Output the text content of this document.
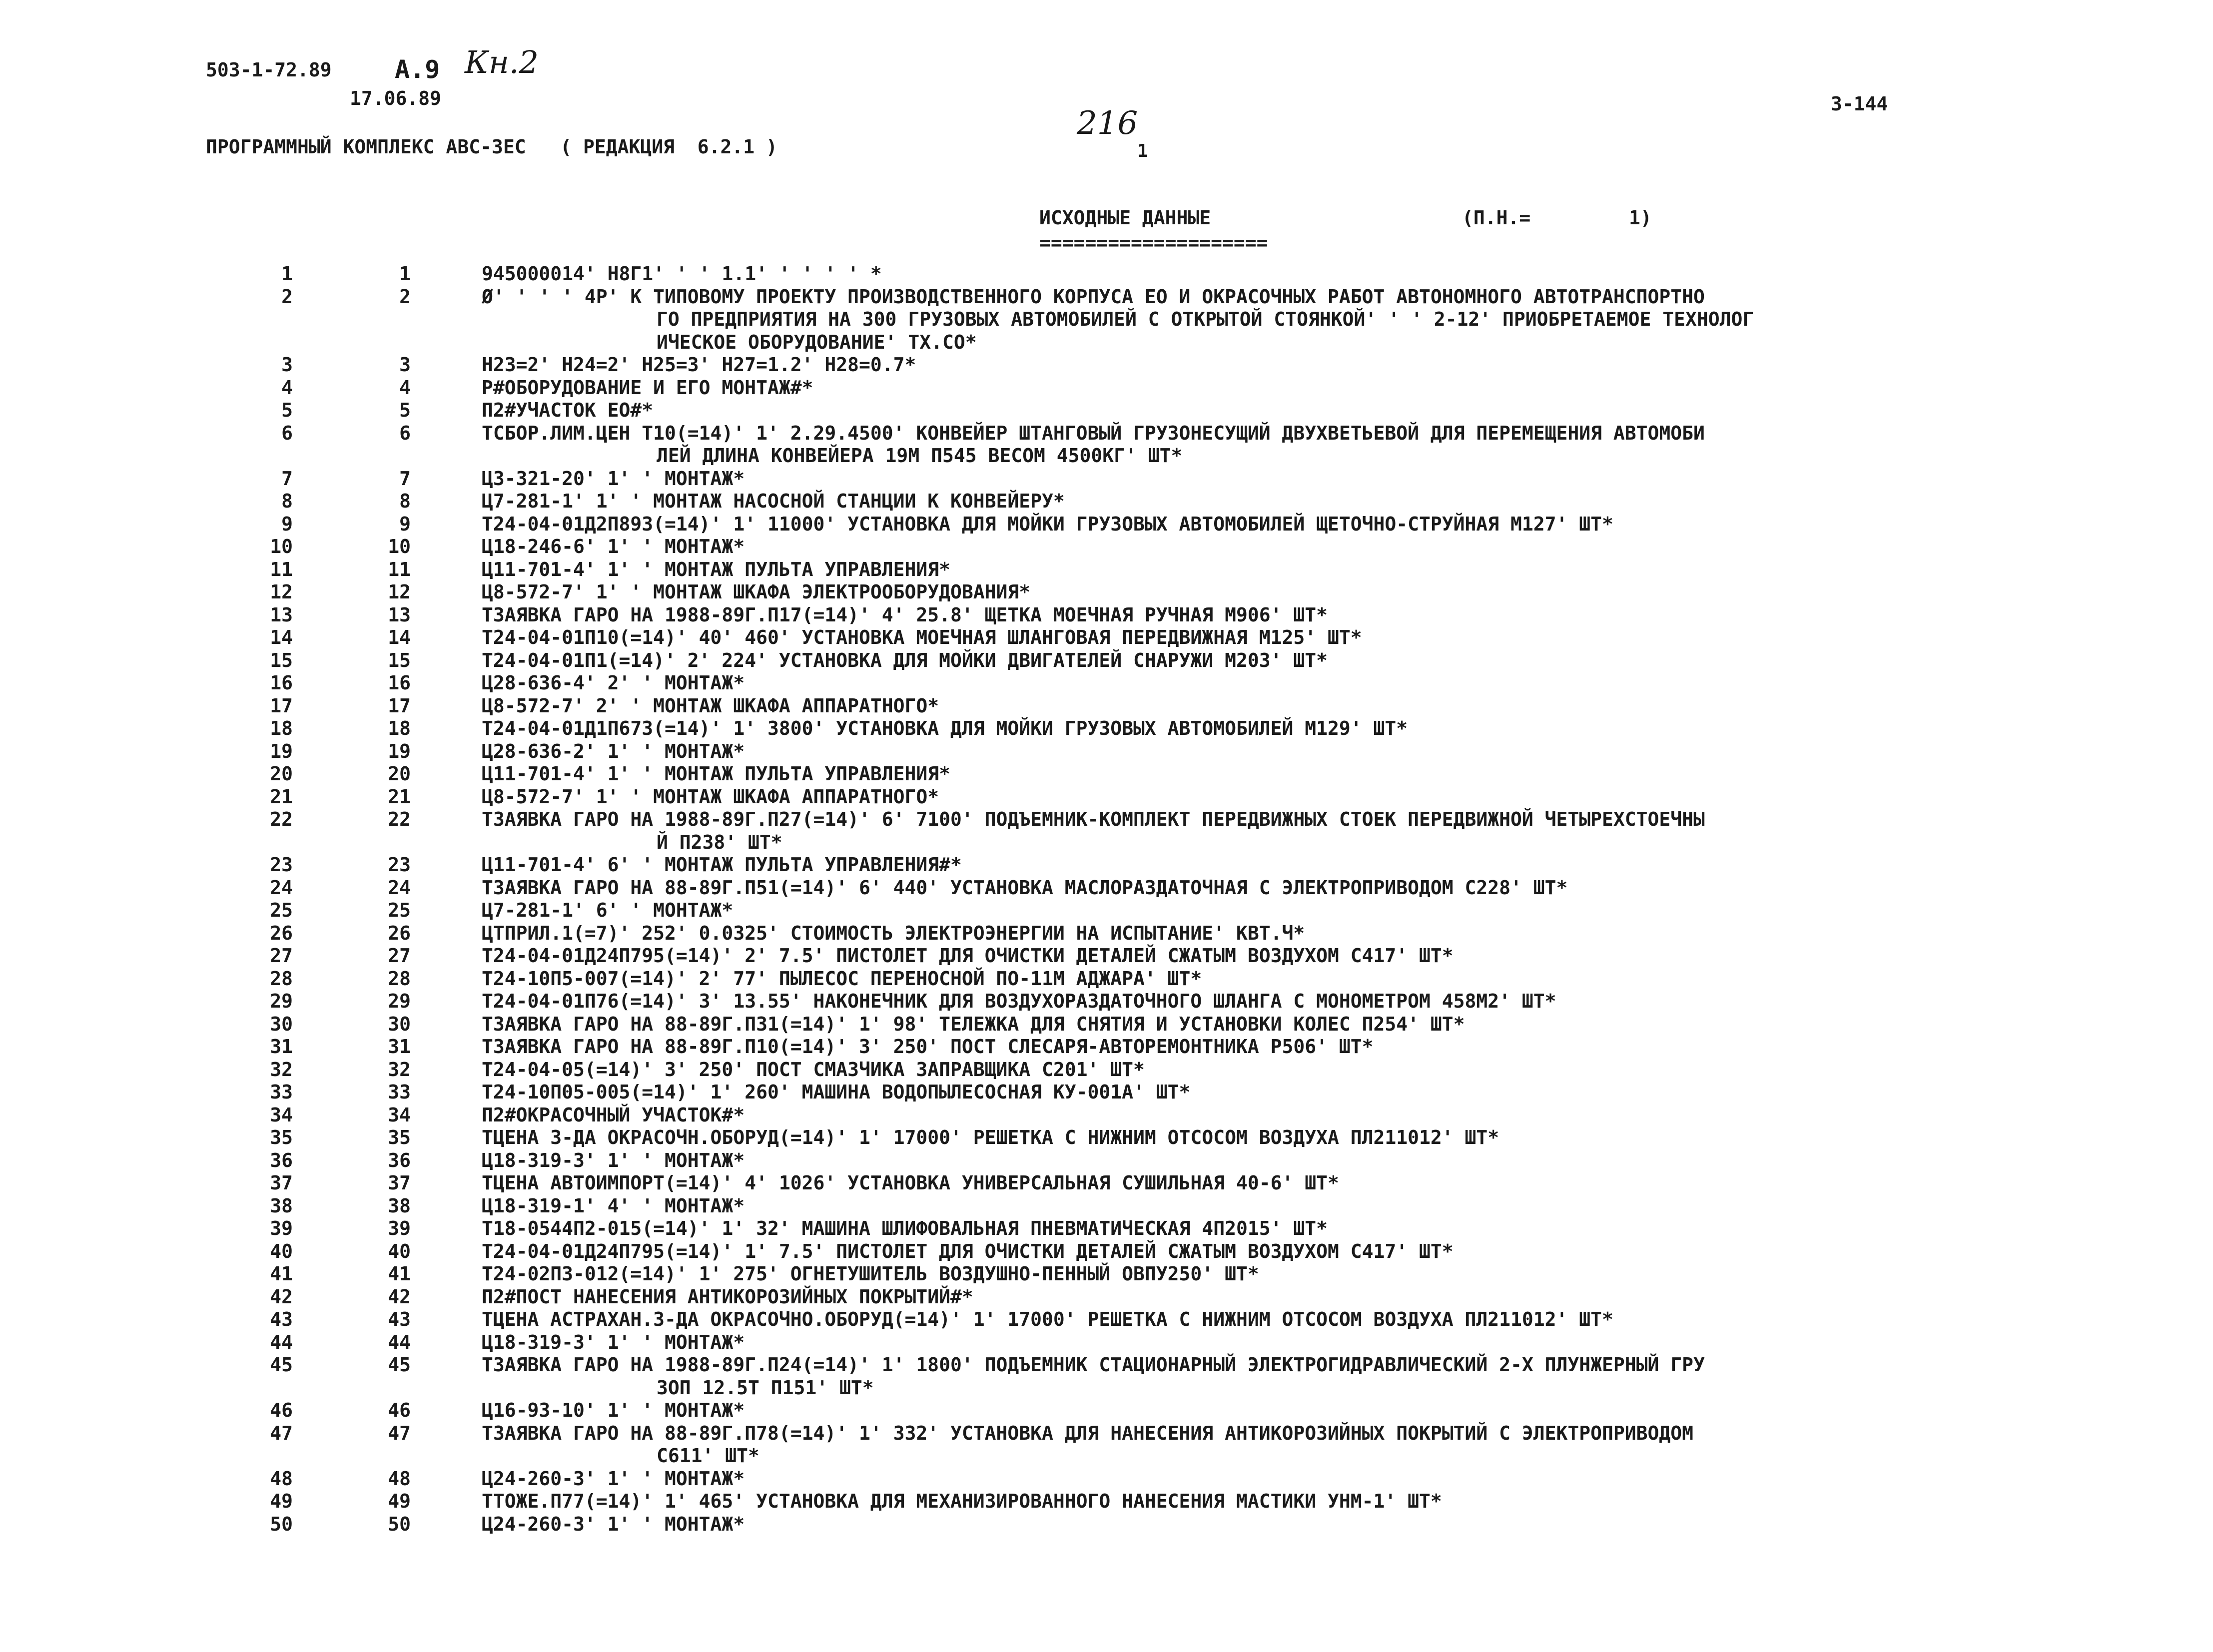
503-1-72.89	А.9 Кн.2
17.06.89
216
1
3-144
ПРОГРАММНЫЙ КОМПЛЕКС АВС-3ЕС   ( РЕДАКЦИЯ  6.2.1 )
ИСХОДНЫЕ ДАННЫЕ
====================
(П.Н.=	1)
1	1	945000014' Н8Г1' ' ' 1.1' ' ' ' ' *
2	2	Ø' ' ' ' 4Р' К ТИПОВОМУ ПРОЕКТУ ПРОИЗВОДСТВЕННОГО КОРПУСА ЕО И ОКРАСОЧНЫХ РАБОТ АВТОНОМНОГО АВТОТРАНСПОРТНО
ГО ПРЕДПРИЯТИЯ НА 300 ГРУЗОВЫХ АВТОМОБИЛЕЙ С ОТКРЫТОЙ СТОЯНКОЙ' ' ' 2-12' ПРИОБРЕТАЕМОЕ ТЕХНОЛОГ
ИЧЕСКОЕ ОБОРУДОВАНИЕ' ТХ.СО*
3	3	Н23=2' Н24=2' Н25=3' Н27=1.2' Н28=0.7*
4	4	Р#ОБОРУДОВАНИЕ И ЕГО МОНТАЖ#*
5	5	П2#УЧАСТОК ЕО#*
6	6	ТСБОР.ЛИМ.ЦЕН Т10(=14)' 1' 2.29.4500' КОНВЕЙЕР ШТАНГОВЫЙ ГРУЗОНЕСУЩИЙ ДВУХВЕТЬЕВОЙ ДЛЯ ПЕРЕМЕЩЕНИЯ АВТОМОБИ
ЛЕЙ ДЛИНА КОНВЕЙЕРА 19М П545 ВЕСОМ 4500КГ' ШТ*
7	7	Ц3-321-20' 1' ' МОНТАЖ*
8	8	Ц7-281-1' 1' ' МОНТАЖ НАСОСНОЙ СТАНЦИИ К КОНВЕЙЕРУ*
9	9	Т24-04-01Д2П893(=14)' 1' 11000' УСТАНОВКА ДЛЯ МОЙКИ ГРУЗОВЫХ АВТОМОБИЛЕЙ ЩЕТОЧНО-СТРУЙНАЯ М127' ШТ*
10	10	Ц18-246-6' 1' ' МОНТАЖ*
11	11	Ц11-701-4' 1' ' МОНТАЖ ПУЛЬТА УПРАВЛЕНИЯ*
12	12	Ц8-572-7' 1' ' МОНТАЖ ШКАФА ЭЛЕКТРООБОРУДОВАНИЯ*
13	13	ТЗАЯВКА ГАРО НА 1988-89Г.П17(=14)' 4' 25.8' ЩЕТКА МОЕЧНАЯ РУЧНАЯ М906' ШТ*
14	14	Т24-04-01П10(=14)' 40' 460' УСТАНОВКА МОЕЧНАЯ ШЛАНГОВАЯ ПЕРЕДВИЖНАЯ М125' ШТ*
15	15	Т24-04-01П1(=14)' 2' 224' УСТАНОВКА ДЛЯ МОЙКИ ДВИГАТЕЛЕЙ СНАРУЖИ М203' ШТ*
16	16	Ц28-636-4' 2' ' МОНТАЖ*
17	17	Ц8-572-7' 2' ' МОНТАЖ ШКАФА АППАРАТНОГО*
18	18	Т24-04-01Д1П673(=14)' 1' 3800' УСТАНОВКА ДЛЯ МОЙКИ ГРУЗОВЫХ АВТОМОБИЛЕЙ М129' ШТ*
19	19	Ц28-636-2' 1' ' МОНТАЖ*
20	20	Ц11-701-4' 1' ' МОНТАЖ ПУЛЬТА УПРАВЛЕНИЯ*
21	21	Ц8-572-7' 1' ' МОНТАЖ ШКАФА АППАРАТНОГО*
22	22	ТЗАЯВКА ГАРО НА 1988-89Г.П27(=14)' 6' 7100' ПОДЪЕМНИК-КОМПЛЕКТ ПЕРЕДВИЖНЫХ СТОЕК ПЕРЕДВИЖНОЙ ЧЕТЫРЕХСТОЕЧНЫ
Й П238' ШТ*
23	23	Ц11-701-4' 6' ' МОНТАЖ ПУЛЬТА УПРАВЛЕНИЯ#*
24	24	ТЗАЯВКА ГАРО НА 88-89Г.П51(=14)' 6' 440' УСТАНОВКА МАСЛОРАЗДАТОЧНАЯ С ЭЛЕКТРОПРИВОДОМ С228' ШТ*
25	25	Ц7-281-1' 6' ' МОНТАЖ*
26	26	ЦТПРИЛ.1(=7)' 252' 0.0325' СТОИМОСТЬ ЭЛЕКТРОЭНЕРГИИ НА ИСПЫТАНИЕ' КВТ.Ч*
27	27	Т24-04-01Д24П795(=14)' 2' 7.5' ПИСТОЛЕТ ДЛЯ ОЧИСТКИ ДЕТАЛЕЙ СЖАТЫМ ВОЗДУХОМ С417' ШТ*
28	28	Т24-10П5-007(=14)' 2' 77' ПЫЛЕСОС ПЕРЕНОСНОЙ ПО-11М АДЖАРА' ШТ*
29	29	Т24-04-01П76(=14)' 3' 13.55' НАКОНЕЧНИК ДЛЯ ВОЗДУХОРАЗДАТОЧНОГО ШЛАНГА С МОНОМЕТРОМ 458М2' ШТ*
30	30	ТЗАЯВКА ГАРО НА 88-89Г.П31(=14)' 1' 98' ТЕЛЕЖКА ДЛЯ СНЯТИЯ И УСТАНОВКИ КОЛЕС П254' ШТ*
31	31	ТЗАЯВКА ГАРО НА 88-89Г.П10(=14)' 3' 250' ПОСТ СЛЕСАРЯ-АВТОРЕМОНТНИКА Р506' ШТ*
32	32	Т24-04-05(=14)' 3' 250' ПОСТ СМАЗЧИКА ЗАПРАВЩИКА С201' ШТ*
33	33	Т24-10П05-005(=14)' 1' 260' МАШИНА ВОДОПЫЛЕСОСНАЯ КУ-001А' ШТ*
34	34	П2#ОКРАСОЧНЫЙ УЧАСТОК#*
35	35	ТЦЕНА 3-ДА ОКРАСОЧН.ОБОРУД(=14)' 1' 17000' РЕШЕТКА С НИЖНИМ ОТСОСОМ ВОЗДУХА ПЛ211012' ШТ*
36	36	Ц18-319-3' 1' ' МОНТАЖ*
37	37	ТЦЕНА АВТОИМПОРТ(=14)' 4' 1026' УСТАНОВКА УНИВЕРСАЛЬНАЯ СУШИЛЬНАЯ 40-6' ШТ*
38	38	Ц18-319-1' 4' ' МОНТАЖ*
39	39	Т18-0544П2-015(=14)' 1' 32' МАШИНА ШЛИФОВАЛЬНАЯ ПНЕВМАТИЧЕСКАЯ 4П2015' ШТ*
40	40	Т24-04-01Д24П795(=14)' 1' 7.5' ПИСТОЛЕТ ДЛЯ ОЧИСТКИ ДЕТАЛЕЙ СЖАТЫМ ВОЗДУХОМ С417' ШТ*
41	41	Т24-02П3-012(=14)' 1' 275' ОГНЕТУШИТЕЛЬ ВОЗДУШНО-ПЕННЫЙ ОВПУ250' ШТ*
42	42	П2#ПОСТ НАНЕСЕНИЯ АНТИКОРОЗИЙНЫХ ПОКРЫТИЙ#*
43	43	ТЦЕНА АСТРАХАН.3-ДА ОКРАСОЧНО.ОБОРУД(=14)' 1' 17000' РЕШЕТКА С НИЖНИМ ОТСОСОМ ВОЗДУХА ПЛ211012' ШТ*
44	44	Ц18-319-3' 1' ' МОНТАЖ*
45	45	ТЗАЯВКА ГАРО НА 1988-89Г.П24(=14)' 1' 1800' ПОДЪЕМНИК СТАЦИОНАРНЫЙ ЭЛЕКТРОГИДРАВЛИЧЕСКИЙ 2-Х ПЛУНЖЕРНЫЙ ГРУ
ЗОП 12.5Т П151' ШТ*
46	46	Ц16-93-10' 1' ' МОНТАЖ*
47	47	ТЗАЯВКА ГАРО НА 88-89Г.П78(=14)' 1' 332' УСТАНОВКА ДЛЯ НАНЕСЕНИЯ АНТИКОРОЗИЙНЫХ ПОКРЫТИЙ С ЭЛЕКТРОПРИВОДОМ
С611' ШТ*
48	48	Ц24-260-3' 1' ' МОНТАЖ*
49	49	ТТОЖЕ.П77(=14)' 1' 465' УСТАНОВКА ДЛЯ МЕХАНИЗИРОВАННОГО НАНЕСЕНИЯ МАСТИКИ УНМ-1' ШТ*
50	50	Ц24-260-3' 1' ' МОНТАЖ*
